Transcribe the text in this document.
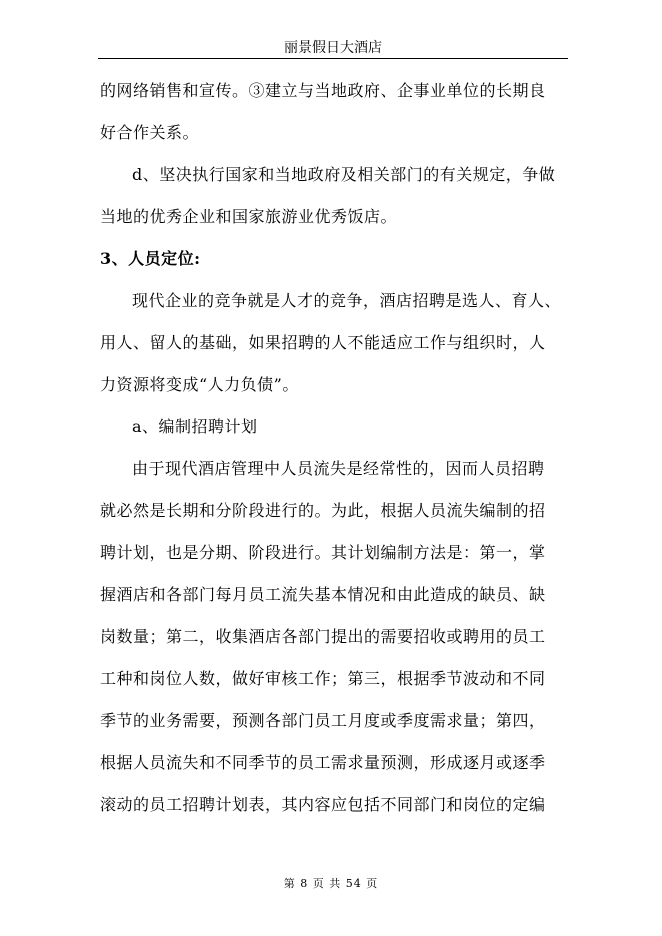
丽景假日大酒店
的网络销售和宣传。③建立与当地政府、企事业单位的长期良
好合作关系。
d、坚决执行国家和当地政府及相关部门的有关规定，争做
当地的优秀企业和国家旅游业优秀饭店。
3、人员定位:
现代企业的竞争就是人才的竞争，酒店招聘是选人、育人、
用人、留人的基础，如果招聘的人不能适应工作与组织时，人
力资源将变成“人力负债”。
a、编制招聘计划
由于现代酒店管理中人员流失是经常性的，因而人员招聘
就必然是长期和分阶段进行的。为此，根据人员流失编制的招
聘计划，也是分期、阶段进行。其计划编制方法是：第一，掌
握酒店和各部门每月员工流失基本情况和由此造成的缺员、缺
岗数量；第二，收集酒店各部门提出的需要招收或聘用的员工
工种和岗位人数，做好审核工作；第三，根据季节波动和不同
季节的业务需要，预测各部门员工月度或季度需求量；第四，
根据人员流失和不同季节的员工需求量预测，形成逐月或逐季
滚动的员工招聘计划表，其内容应包括不同部门和岗位的定编
第 8 页 共 54 页
